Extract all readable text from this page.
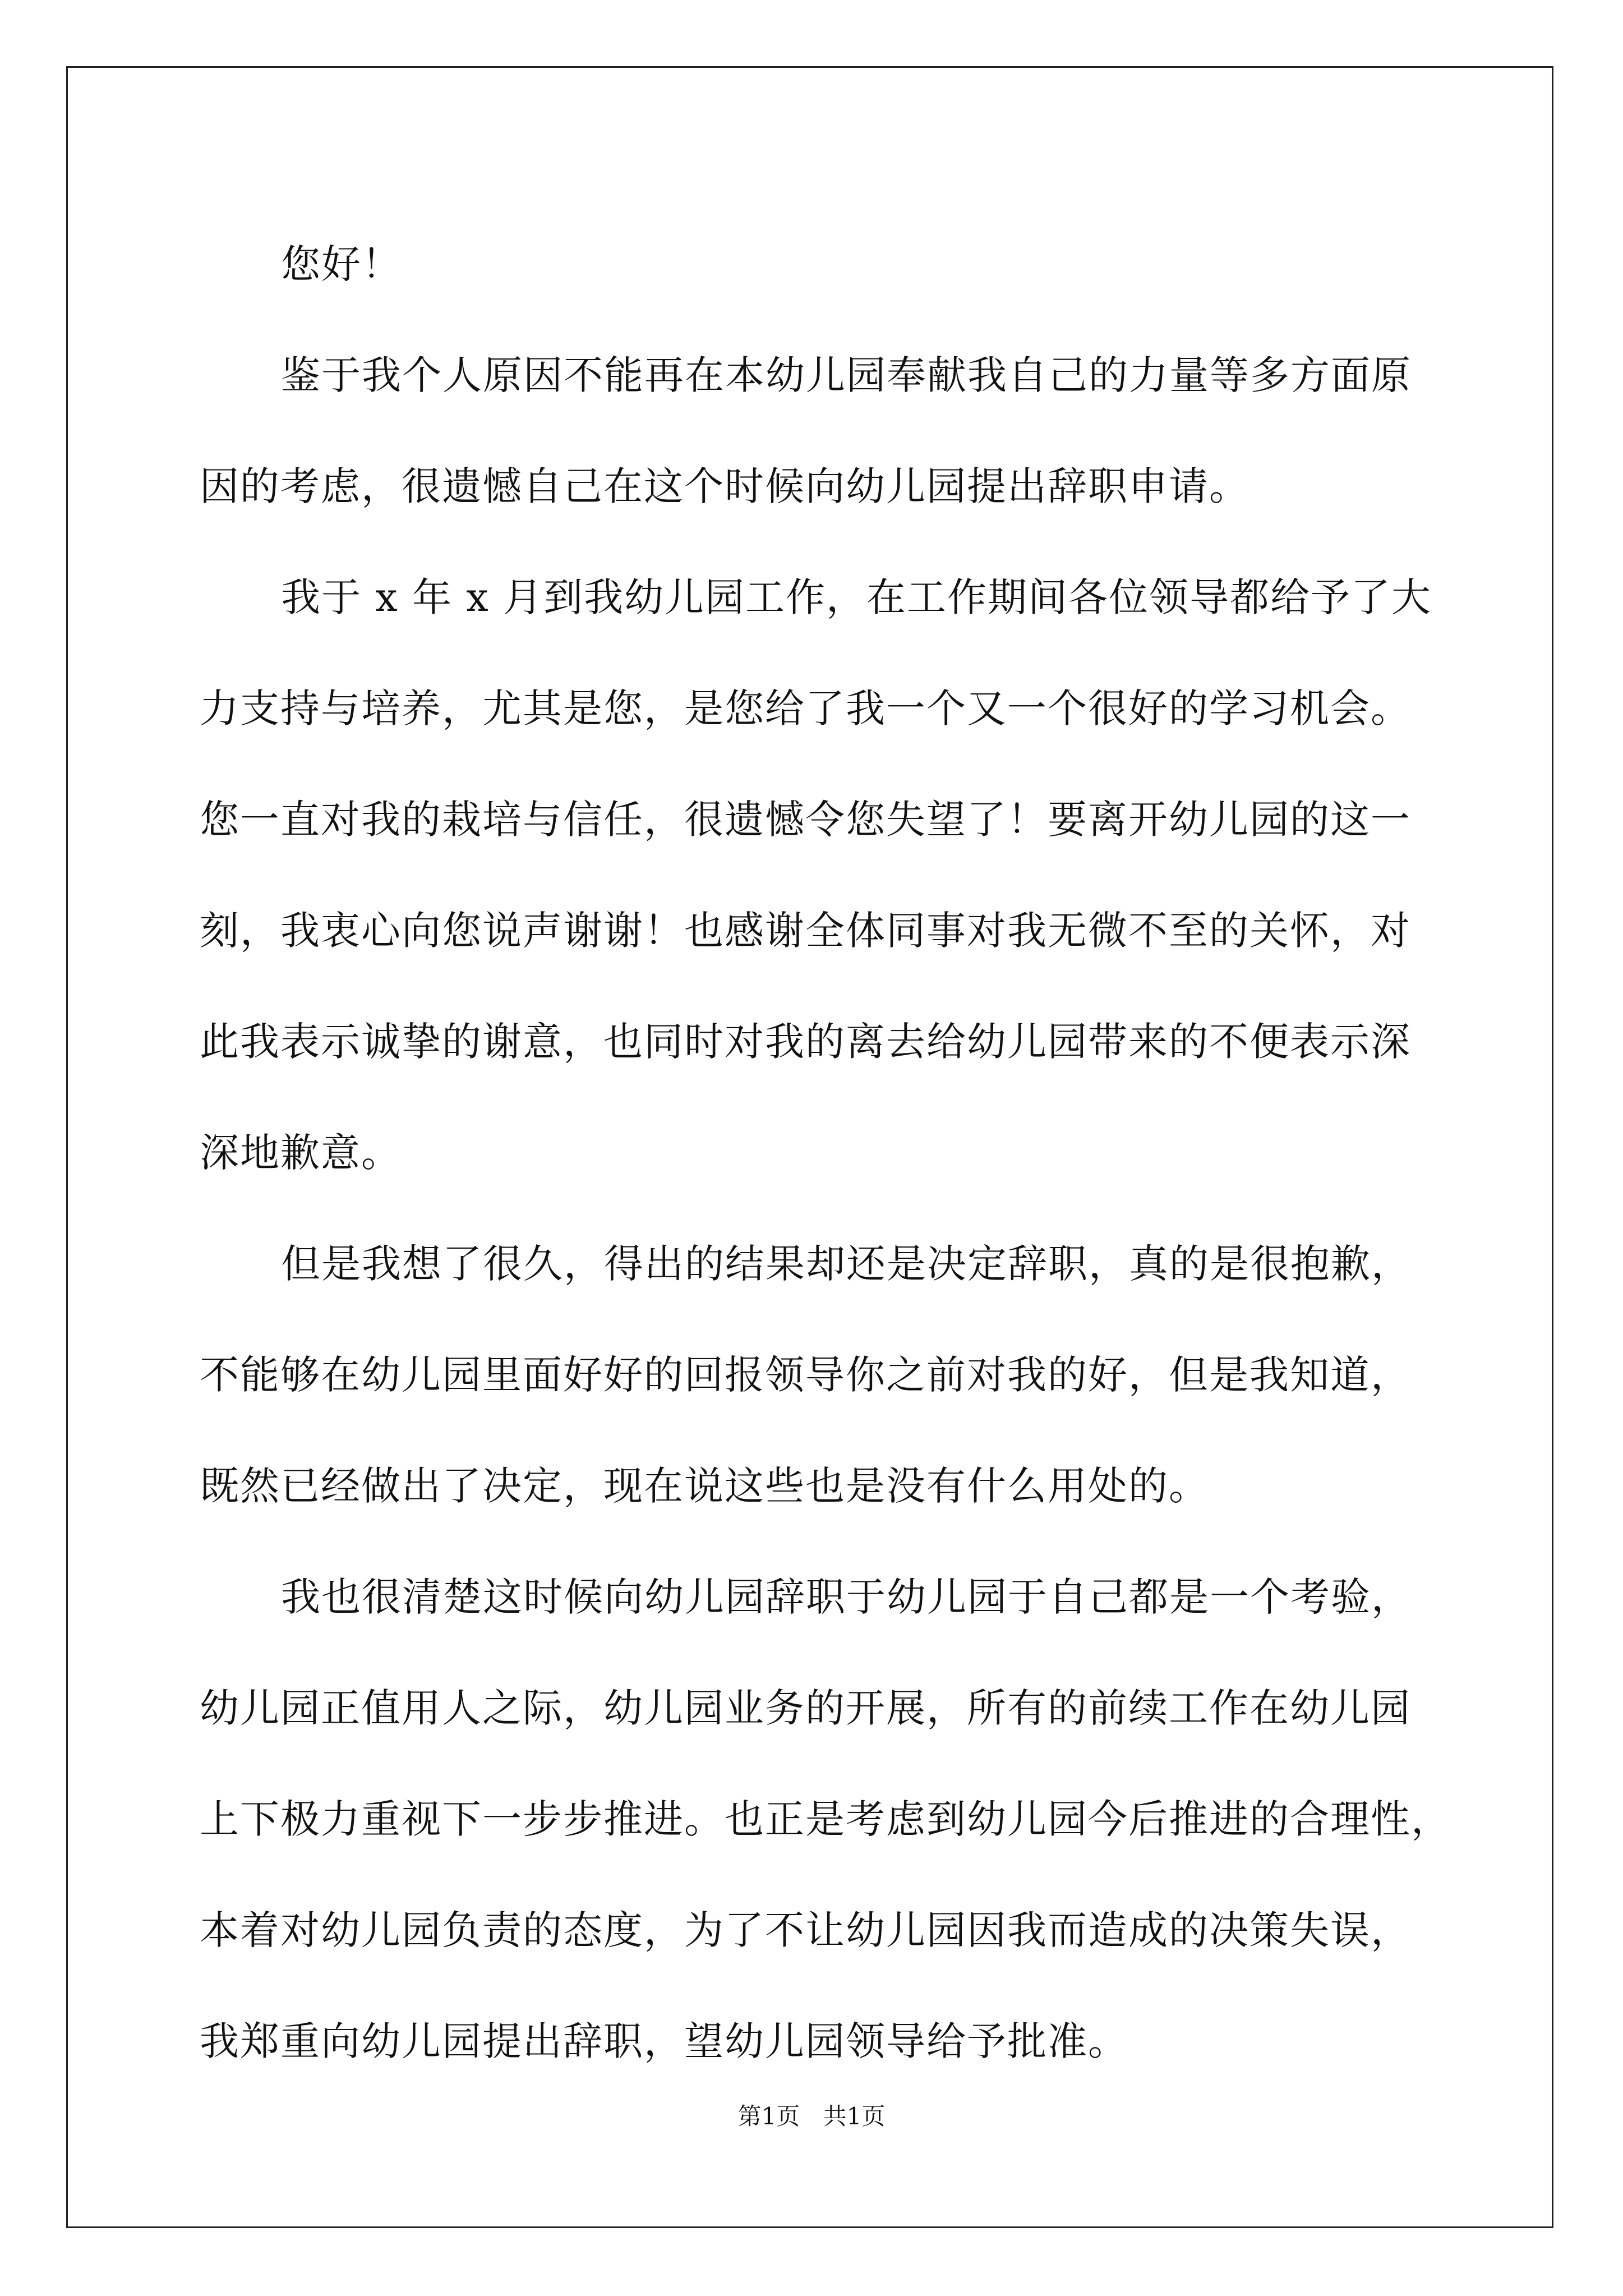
您好！
鉴于我个人原因不能再在本幼儿园奉献我自己的力量等多方面原
因的考虑，很遗憾自己在这个时候向幼儿园提出辞职申请。
我于 x 年 x 月到我幼儿园工作，在工作期间各位领导都给予了大
力支持与培养，尤其是您，是您给了我一个又一个很好的学习机会。
您一直对我的栽培与信任，很遗憾令您失望了！要离开幼儿园的这一
刻，我衷心向您说声谢谢！也感谢全体同事对我无微不至的关怀，对
此我表示诚挚的谢意，也同时对我的离去给幼儿园带来的不便表示深
深地歉意。
但是我想了很久，得出的结果却还是决定辞职，真的是很抱歉，
不能够在幼儿园里面好好的回报领导你之前对我的好，但是我知道，
既然已经做出了决定，现在说这些也是没有什么用处的。
我也很清楚这时候向幼儿园辞职于幼儿园于自己都是一个考验，
幼儿园正值用人之际，幼儿园业务的开展，所有的前续工作在幼儿园
上下极力重视下一步步推进。也正是考虑到幼儿园今后推进的合理性，
本着对幼儿园负责的态度，为了不让幼儿园因我而造成的决策失误，
我郑重向幼儿园提出辞职，望幼儿园领导给予批准。
第1页 共1页
